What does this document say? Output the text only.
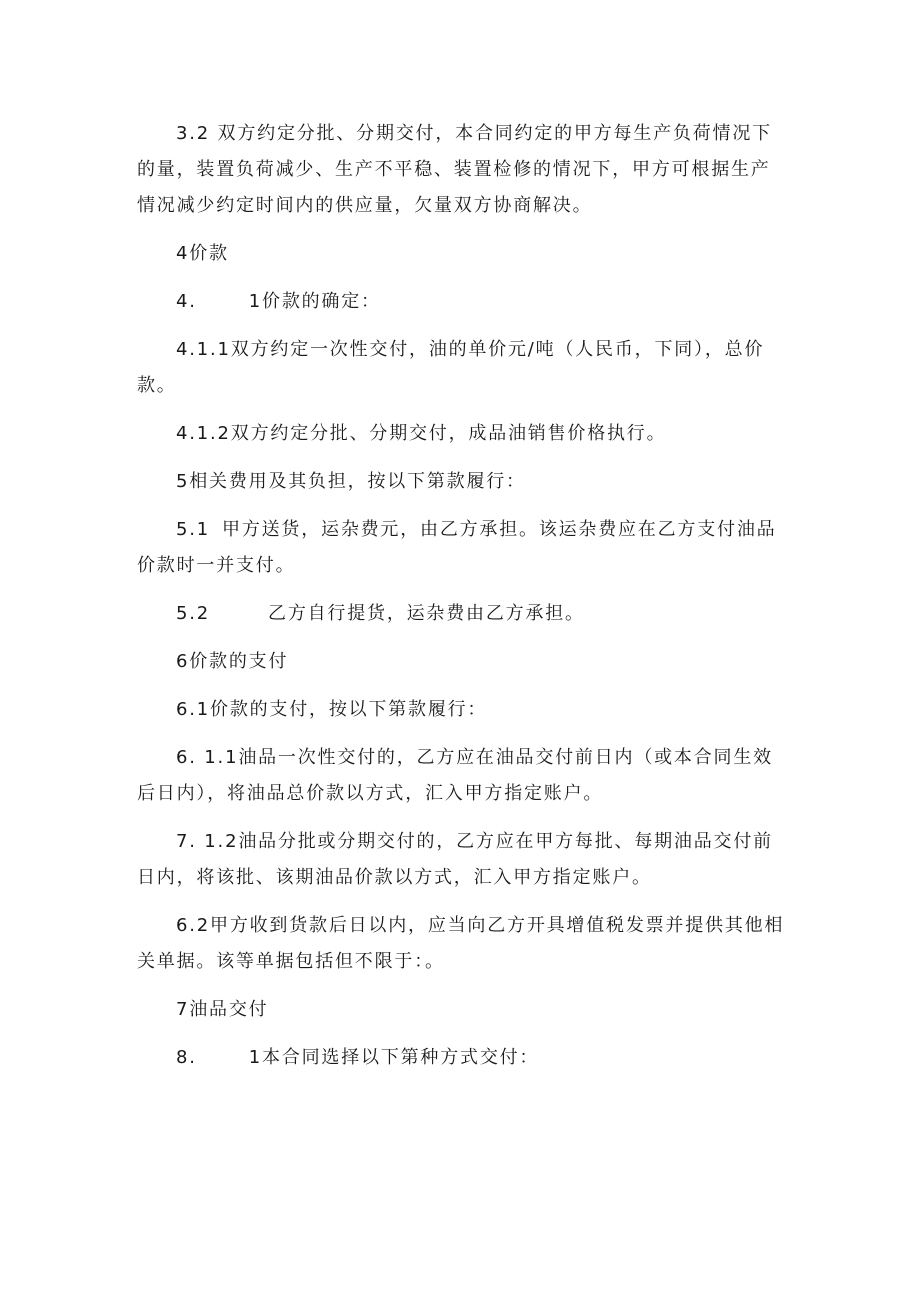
3.2 双方约定分批、分期交付，本合同约定的甲方每生产负荷情况下的量，装置负荷减少、生产不平稳、装置检修的情况下，甲方可根据生产情况减少约定时间内的供应量，欠量双方协商解决。

4价款

4.	1价款的确定：

4.1.1双方约定一次性交付，油的单价元/吨（人民币，下同），总价款。

4.1.2双方约定分批、分期交付，成品油销售价格执行。

5相关费用及其负担，按以下第款履行：

5.1 甲方送货，运杂费元，由乙方承担。该运杂费应在乙方支付油品价款时一并支付。

5.2	乙方自行提货，运杂费由乙方承担。

6价款的支付

6.1价款的支付，按以下第款履行：

6. 1.1油品一次性交付的，乙方应在油品交付前日内（或本合同生效后日内），将油品总价款以方式，汇入甲方指定账户。

7. 1.2油品分批或分期交付的，乙方应在甲方每批、每期油品交付前日内，将该批、该期油品价款以方式，汇入甲方指定账户。

6.2甲方收到货款后日以内，应当向乙方开具增值税发票并提供其他相关单据。该等单据包括但不限于：。

7油品交付

8.	1本合同选择以下第种方式交付：
